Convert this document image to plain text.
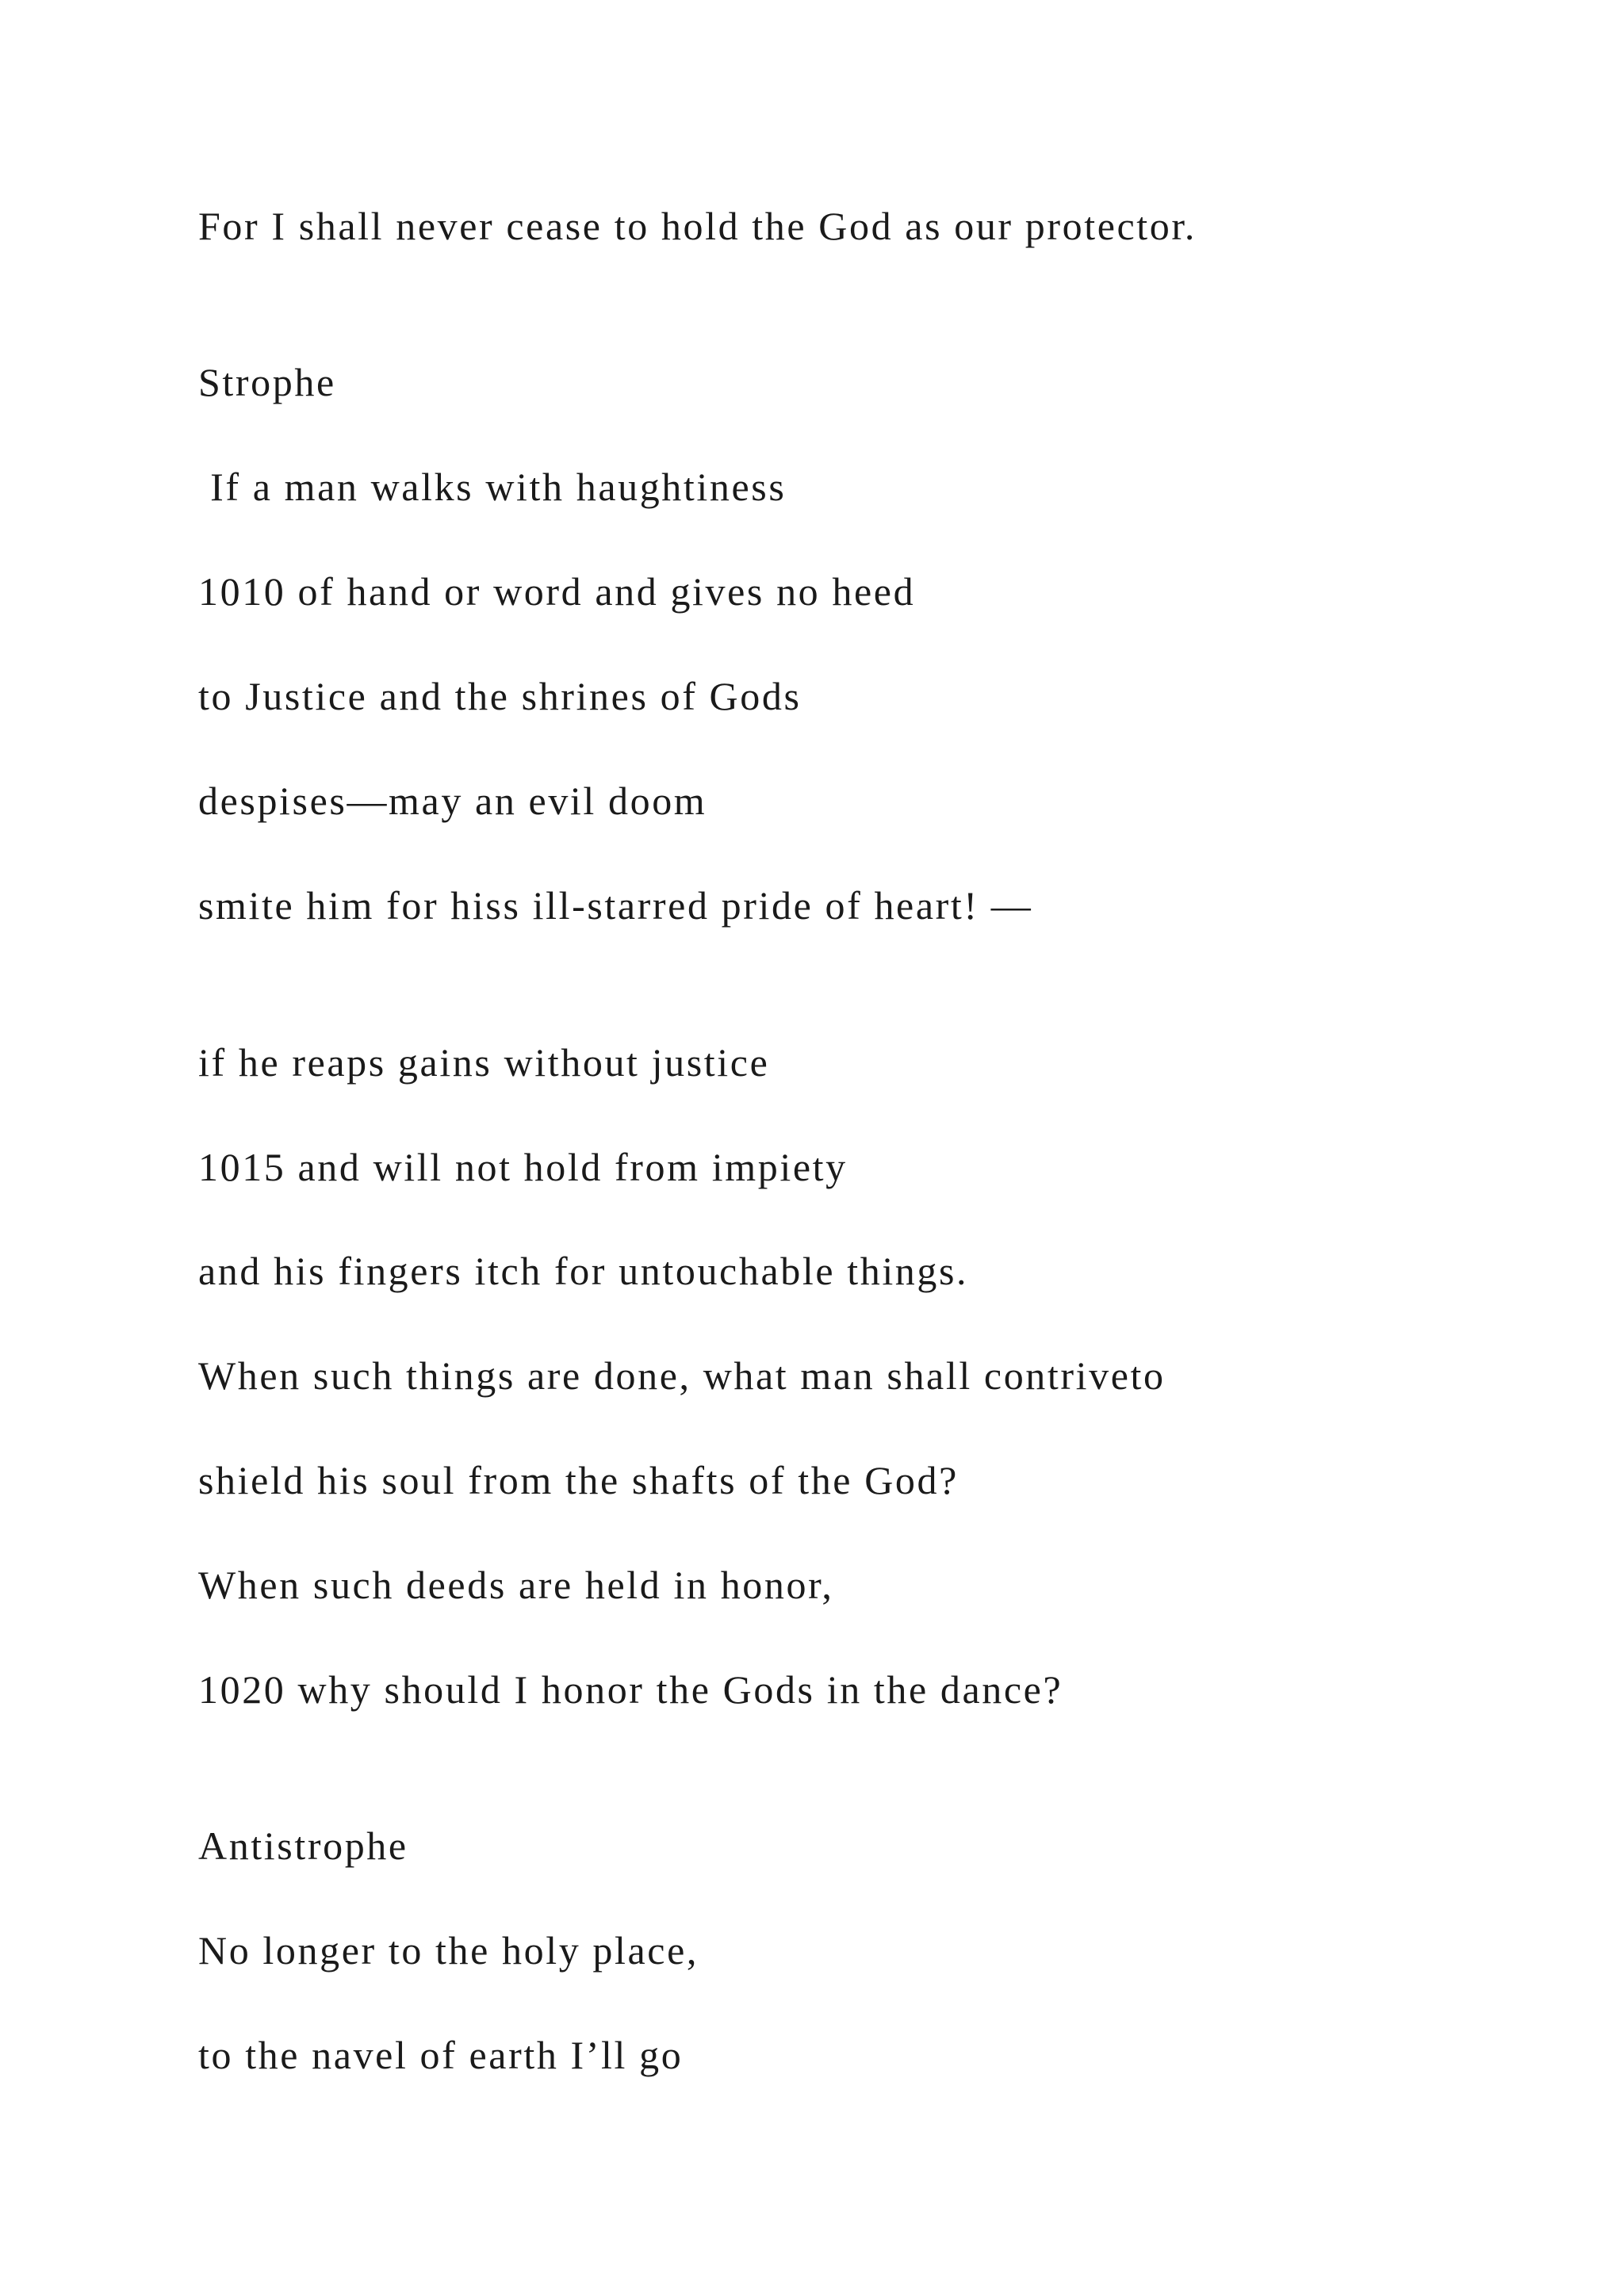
For I shall never cease to hold the God as our protector.

Strophe

If a man walks with haughtiness

1010 of hand or word and gives no heed

to Justice and the shrines of Gods

despises—may an evil doom

smite him for hiss ill-starred pride of heart! —

if he reaps gains without justice

1015 and will not hold from impiety

and his fingers itch for untouchable things.

When such things are done, what man shall contriveto

shield his soul from the shafts of the God?

When such deeds are held in honor,

1020 why should I honor the Gods in the dance?

Antistrophe

No longer to the holy place,

to the navel of earth I’ll go
